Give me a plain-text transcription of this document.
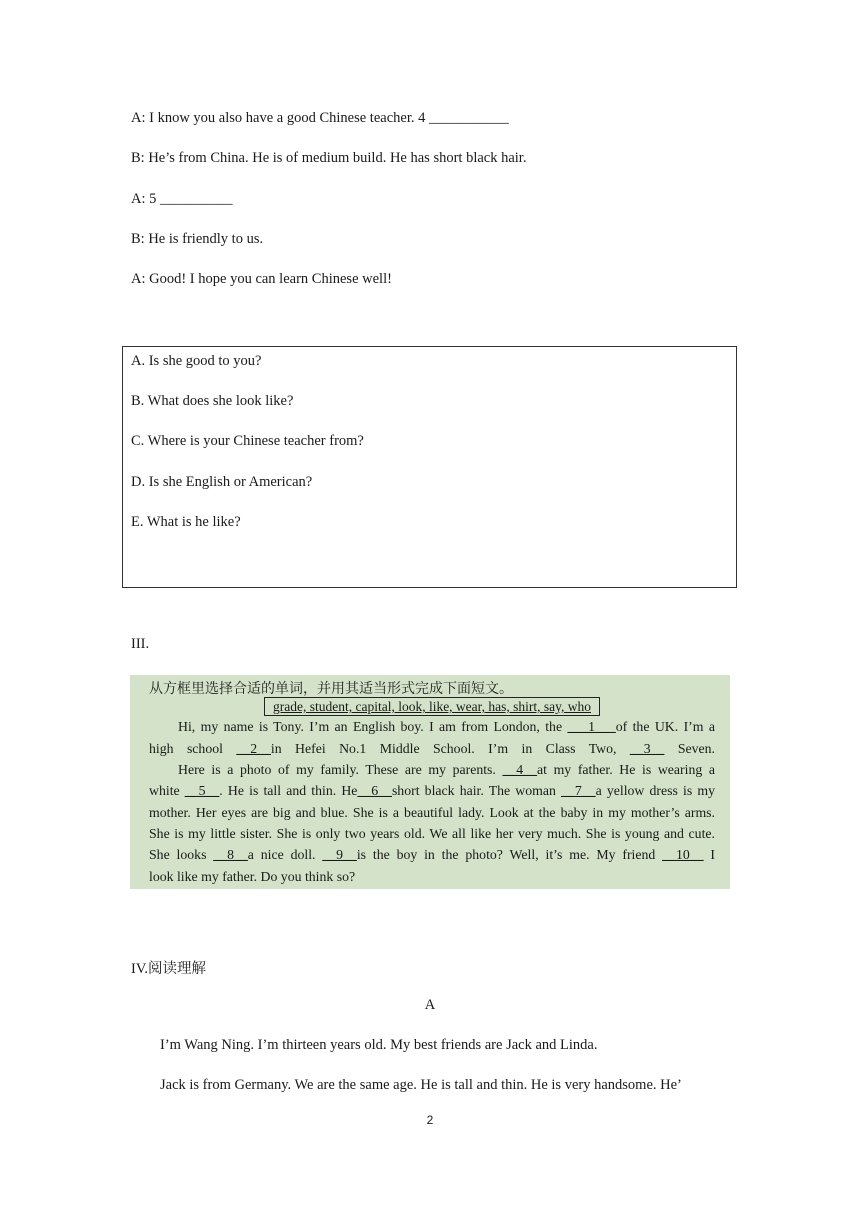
A: I know you also have a good Chinese teacher. 4 ___________
B: He’s from China. He is of medium build. He has short black hair.
A: 5 __________
B: He is friendly to us.
A: Good! I hope you can learn Chinese well!
A. Is she good to you?
B. What does she look like?
C. Where is your Chinese teacher from?
D. Is she English or American?
E. What is he like?
III.
从方框里选择合适的单词，并用其适当形式完成下面短文。
grade, student, capital, look, like, wear, has, shirt, say, who
Hi, my name is Tony. I’m an English boy. I am from London, the ___1___of the UK. I’m a
high school __2__in Hefei No.1 Middle School. I’m in Class Two, __3__ Seven.
Here is a photo of my family. These are my parents. __4__at my father. He is wearing a
white __5__. He is tall and thin. He__6__short black hair. The woman __7__a yellow dress is my
mother. Her eyes are big and blue. She is a beautiful lady. Look at the baby in my mother’s arms.
She is my little sister. She is only two years old. We all like her very much. She is young and cute.
She looks __8__a nice doll. __9__is the boy in the photo? Well, it’s me. My friend __10__ I
look like my father. Do you think so?
IV.阅读理解
A
I’m Wang Ning. I’m thirteen years old. My best friends are Jack and Linda.
Jack is from Germany. We are the same age. He is tall and thin. He is very handsome. He’
2
